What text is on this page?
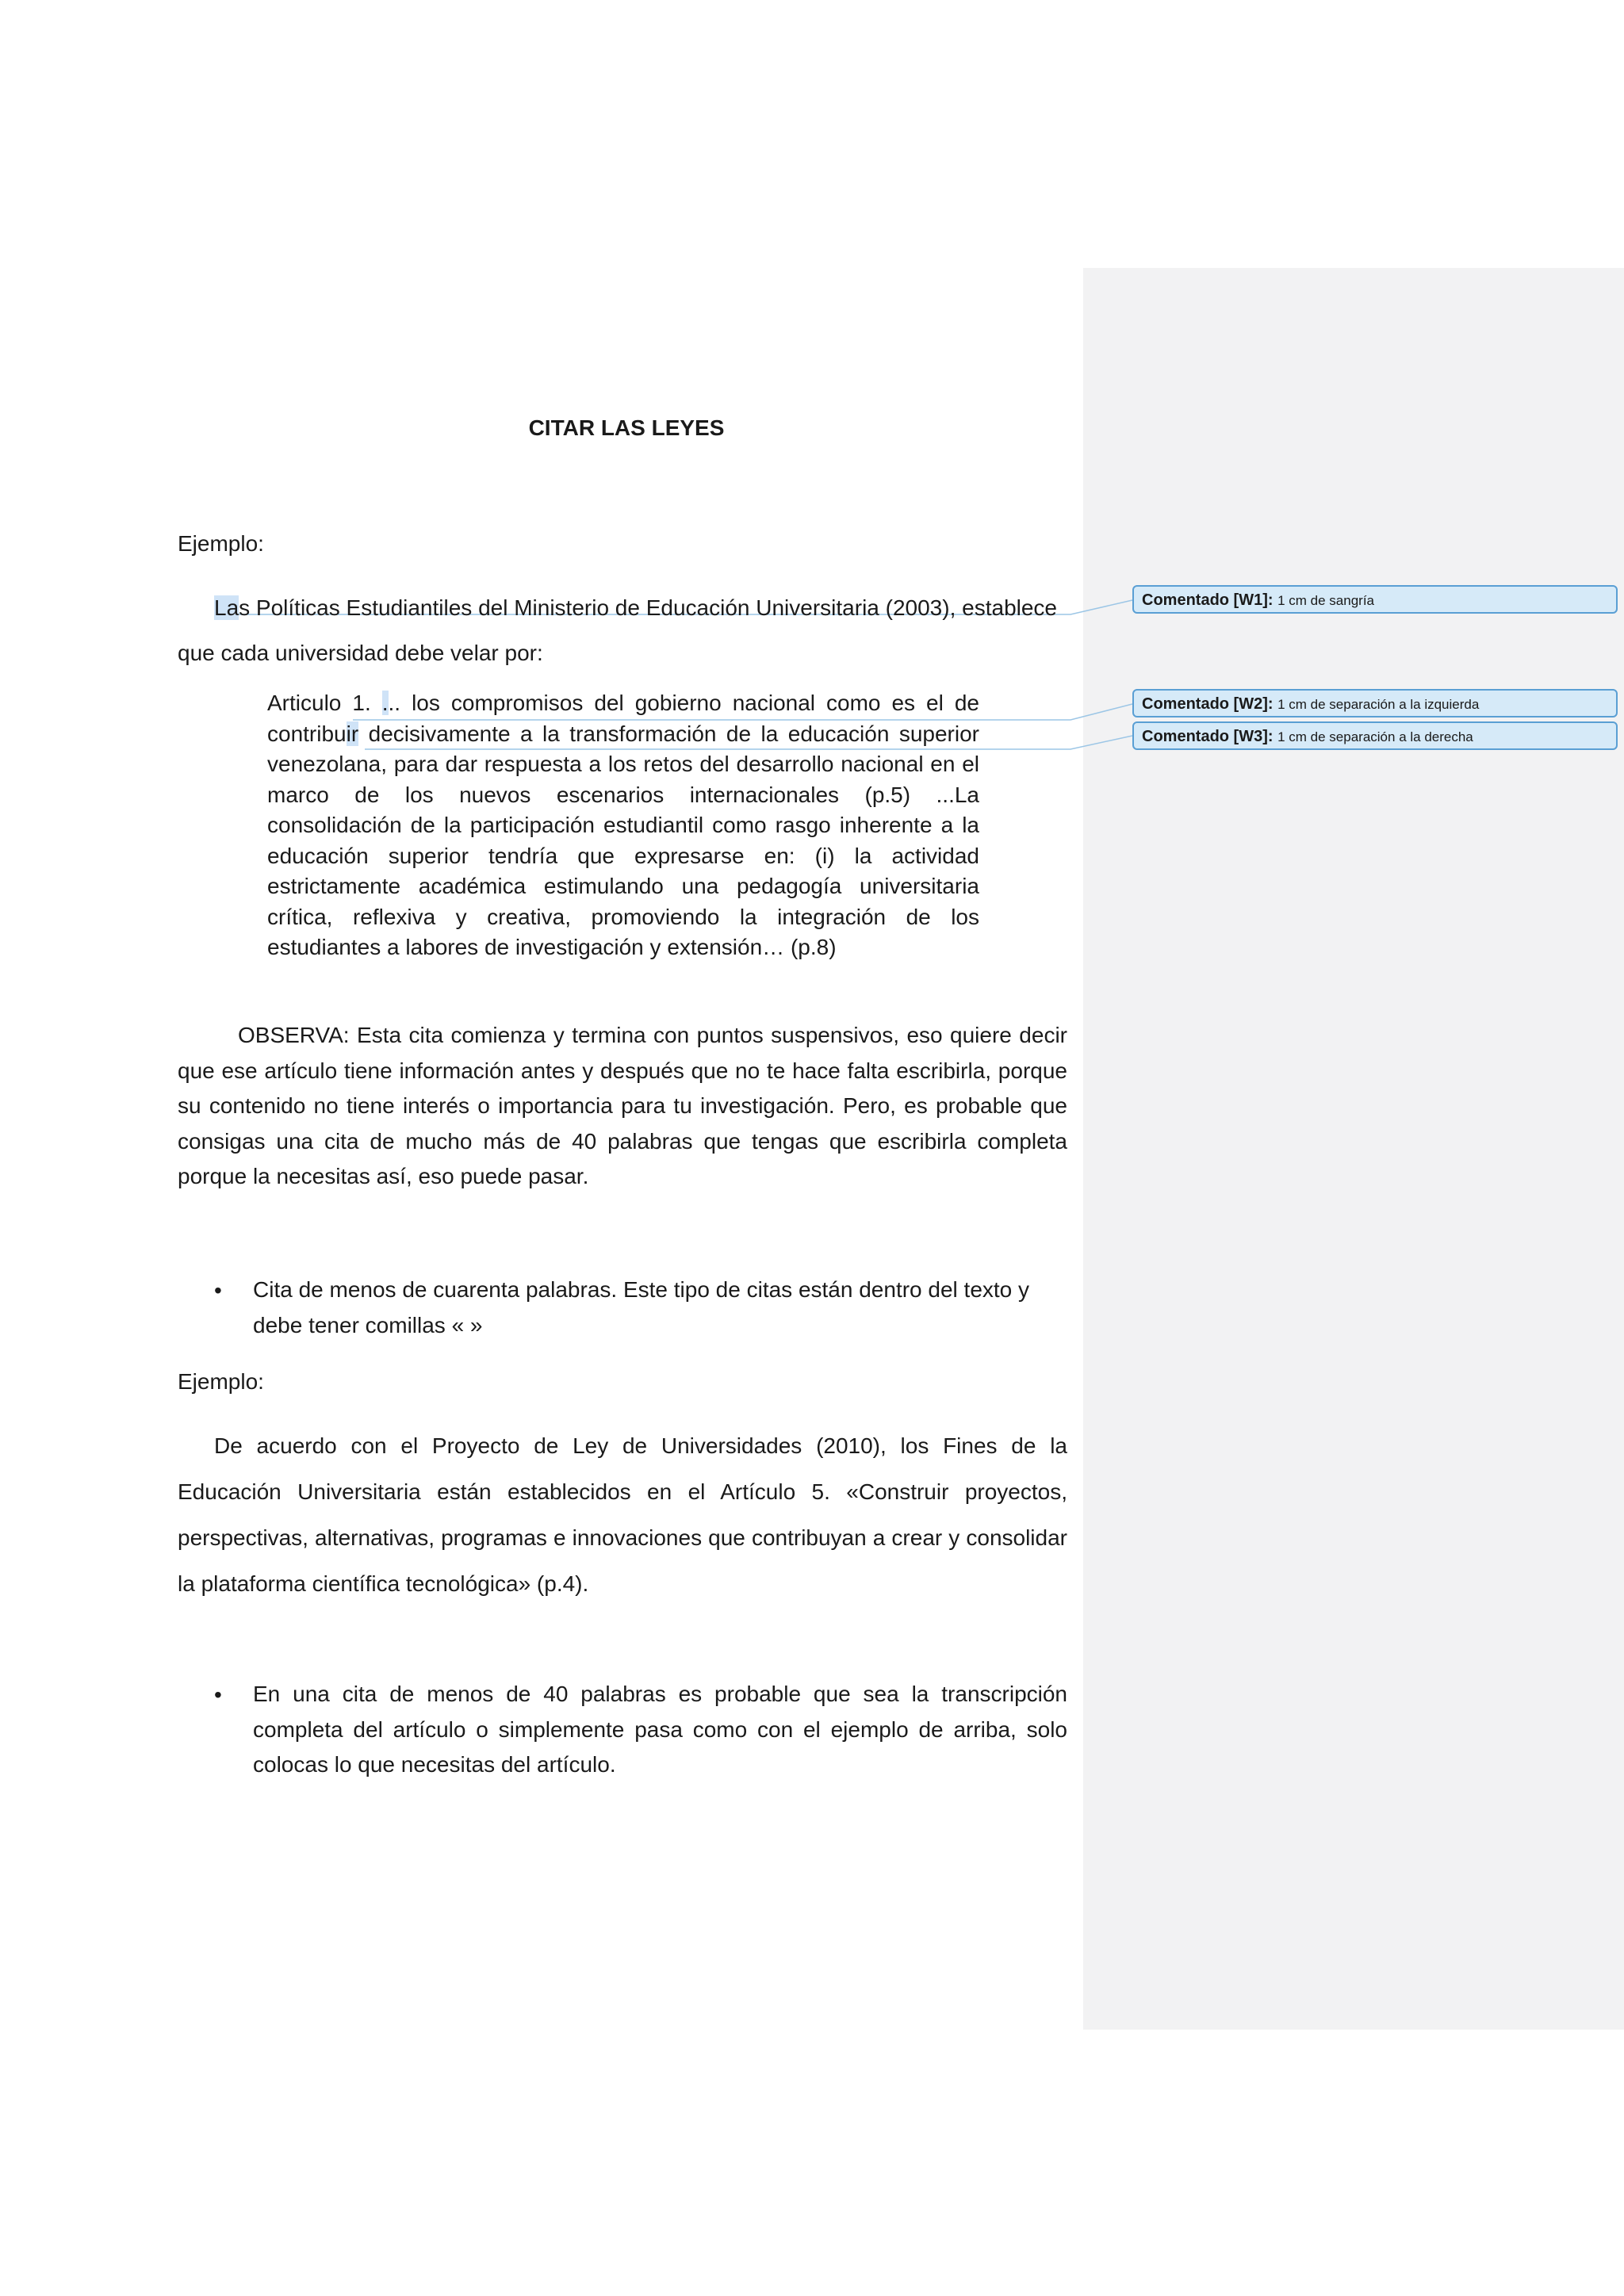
CITAR LAS LEYES
Ejemplo:
Las Políticas Estudiantiles del Ministerio de Educación Universitaria (2003), establece
que cada universidad debe velar por:
Articulo 1. ... los compromisos del gobierno nacional como es el de contribuir decisivamente a la transformación de la educación superior venezolana, para dar respuesta a los retos del desarrollo nacional en el marco de los nuevos escenarios internacionales (p.5) ...La consolidación de la participación estudiantil como rasgo inherente a la educación superior tendría que expresarse en: (i) la actividad estrictamente académica estimulando una pedagogía universitaria crítica, reflexiva y creativa, promoviendo la integración de los estudiantes a labores de investigación y extensión… (p.8)
OBSERVA: Esta cita comienza y termina con puntos suspensivos, eso quiere decir que ese artículo tiene información antes y después que no te hace falta escribirla, porque su contenido no tiene interés o importancia para tu investigación. Pero, es probable que consigas una cita de mucho más de 40 palabras que tengas que escribirla completa porque la necesitas así, eso puede pasar.
• Cita de menos de cuarenta palabras. Este tipo de citas están dentro del texto y debe tener comillas « »
Ejemplo:
De acuerdo con el Proyecto de Ley de Universidades (2010), los Fines de la Educación Universitaria están establecidos en el Artículo 5. «Construir proyectos, perspectivas, alternativas, programas e innovaciones que contribuyan a crear y consolidar la plataforma científica tecnológica» (p.4).
• En una cita de menos de 40 palabras es probable que sea la transcripción completa del artículo o simplemente pasa como con el ejemplo de arriba, solo colocas lo que necesitas del artículo.
Comentado [W1]: 1 cm de sangría
Comentado [W2]: 1 cm de separación a la izquierda
Comentado [W3]: 1 cm de separación a la derecha
